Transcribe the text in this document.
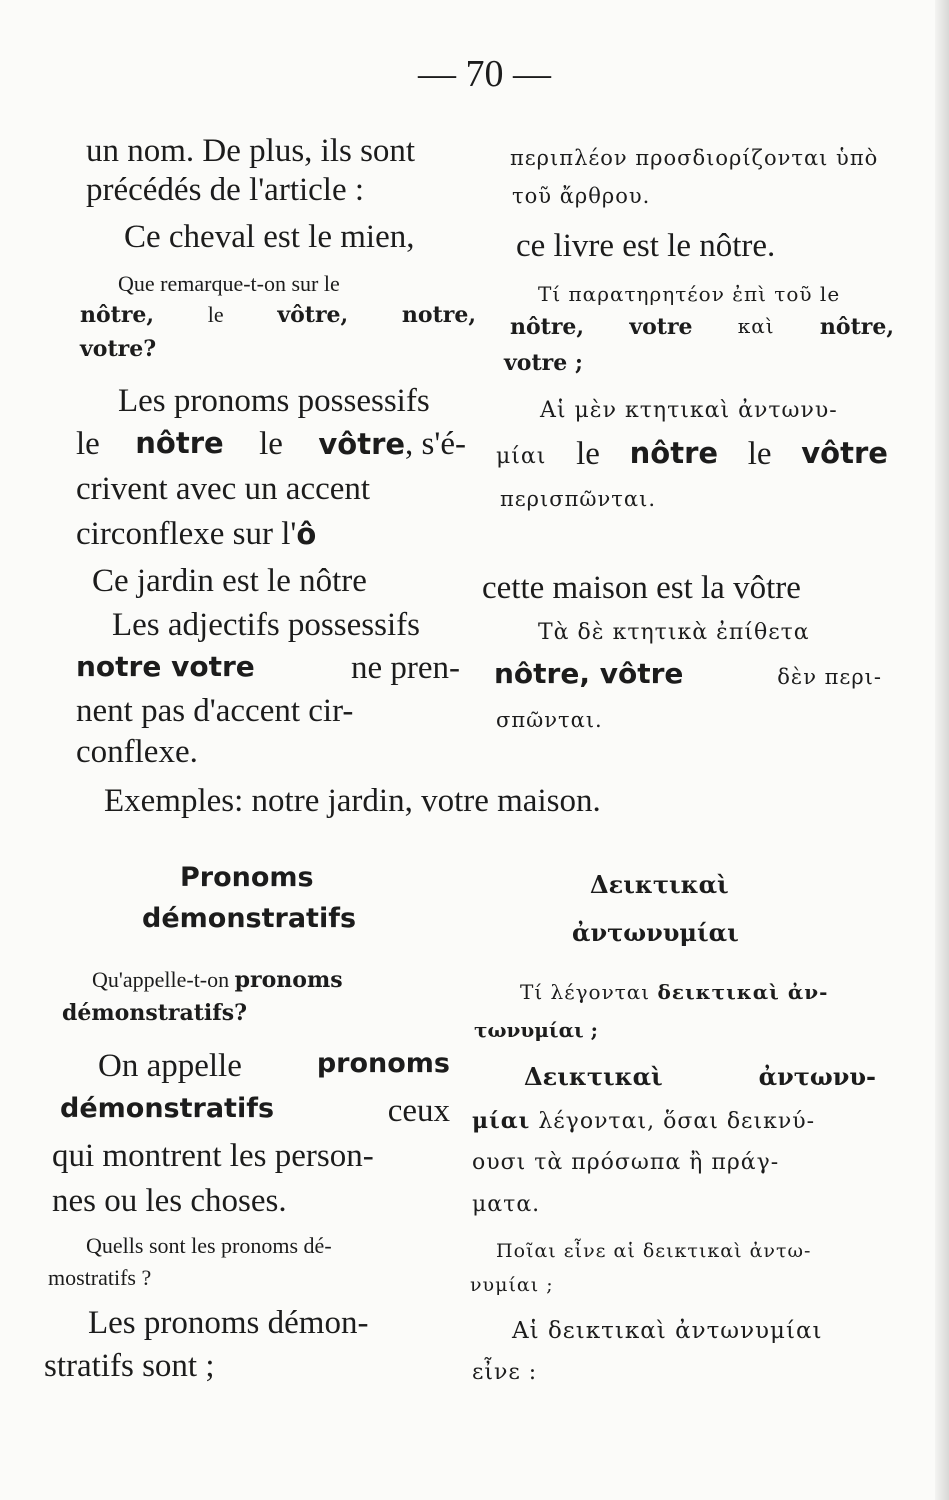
— 70 —

un nom. De plus, ils sont

précédés de l'article :

Ce cheval est le mien,

Que remarque-t-on sur le

nôtre, le vôtre, notre,

votre?

Les pronoms possessifs

le nôtre le vôtre, s'é-

crivent avec un accent

circonflexe sur l'ô

Ce jardin est le nôtre

Les adjectifs possessifs

notre votre	ne pren-

nent pas d'accent cir-

conflexe.

Exemples: notre jardin, votre maison.

Pronoms

démonstratifs

Qu'appelle-t-on pronoms

démonstratifs?

On appelle	pronoms
démonstratifs	ceux

qui montrent les person-

nes ou les choses.

Quells sont les pronoms dé-

mostratifs ?

Les pronoms démon-

stratifs sont ;

περιπλέον προσδιορίζονται ὑπὸ

τοῦ ἄρθρου.

ce livre est le nôtre.

Τί παρατηρητέον ἐπὶ τοῦ le

nôtre, votre καὶ nôtre,

votre ;

Αἱ μὲν κτητικαὶ ἀντωνυ-

μίαι le nôtre le vôtre

περισπῶνται.

cette maison est la vôtre

Τὰ δὲ κτητικὰ ἐπίθετα

nôtre, vôtre	δὲν περι-

σπῶνται.

Δεικτικαὶ

ἀντωνυμίαι

Τί λέγονται δεικτικαὶ ἀν-

τωνυμίαι ;

Δεικτικαὶ	ἀντωνυ-

μίαι λέγονται, ὅσαι δεικνύ-

ουσι τὰ πρόσωπα ἢ πράγ-

ματα.

Ποῖαι εἶνε αἱ δεικτικαὶ ἀντω-

νυμίαι ;

Αἱ δεικτικαὶ ἀντωνυμίαι

εἶνε :
